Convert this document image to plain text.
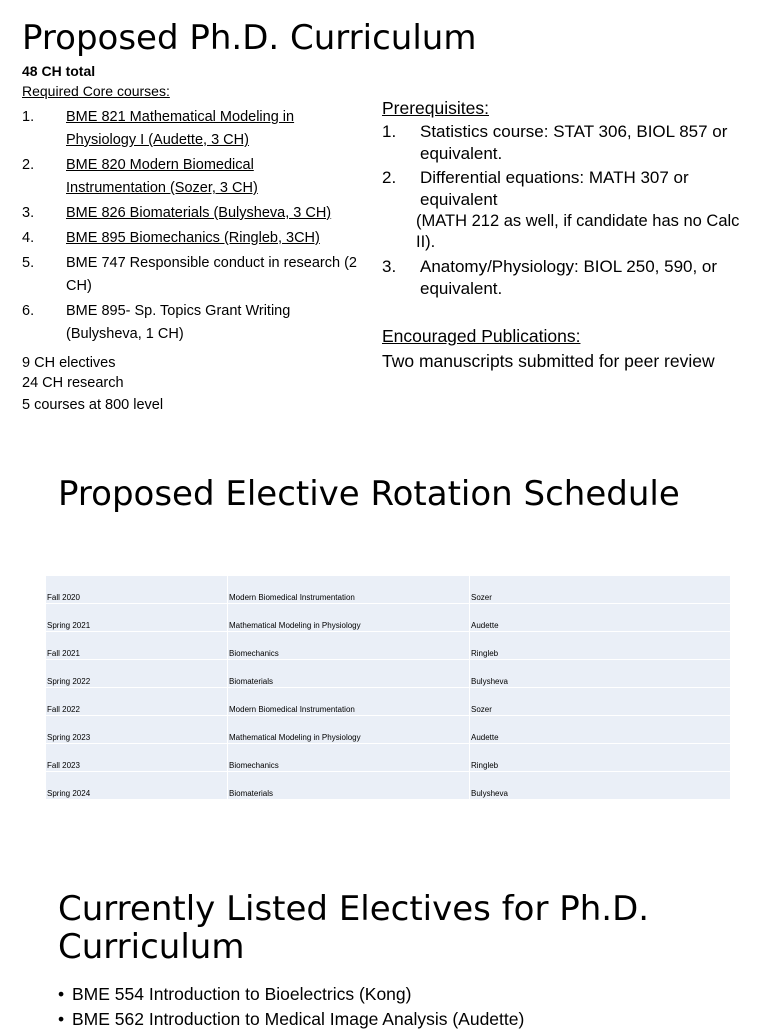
Proposed Ph.D. Curriculum
48 CH total
Required Core courses:
1.	BME 821 Mathematical Modeling in Physiology I (Audette, 3 CH)
2.	BME 820 Modern Biomedical Instrumentation (Sozer, 3 CH)
3.	BME 826 Biomaterials (Bulysheva, 3 CH)
4.	BME 895 Biomechanics (Ringleb, 3CH)
5.	BME 747 Responsible conduct in research (2 CH)
6.	BME 895- Sp. Topics Grant Writing (Bulysheva, 1 CH)
9 CH electives
24 CH research
5 courses at 800 level
Prerequisites:
1.	Statistics course: STAT 306, BIOL 857 or equivalent.
2.	Differential equations: MATH 307 or equivalent
3.	Anatomy/Physiology: BIOL 250, 590, or equivalent.
(MATH 212 as well, if candidate has no Calc II).
Encouraged Publications:
Two manuscripts submitted for peer review
Proposed Elective Rotation Schedule
Fall 2020	Modern Biomedical Instrumentation	Sozer
Spring 2021	Mathematical Modeling in Physiology	Audette
Fall 2021	Biomechanics	Ringleb
Spring 2022	Biomaterials	Bulysheva
Fall 2022	Modern Biomedical Instrumentation	Sozer
Spring 2023	Mathematical Modeling in Physiology	Audette
Fall 2023	Biomechanics	Ringleb
Spring 2024	Biomaterials	Bulysheva
Currently Listed Electives for Ph.D. Curriculum
• BME 554 Introduction to Bioelectrics (Kong)
• BME 562 Introduction to Medical Image Analysis (Audette)
